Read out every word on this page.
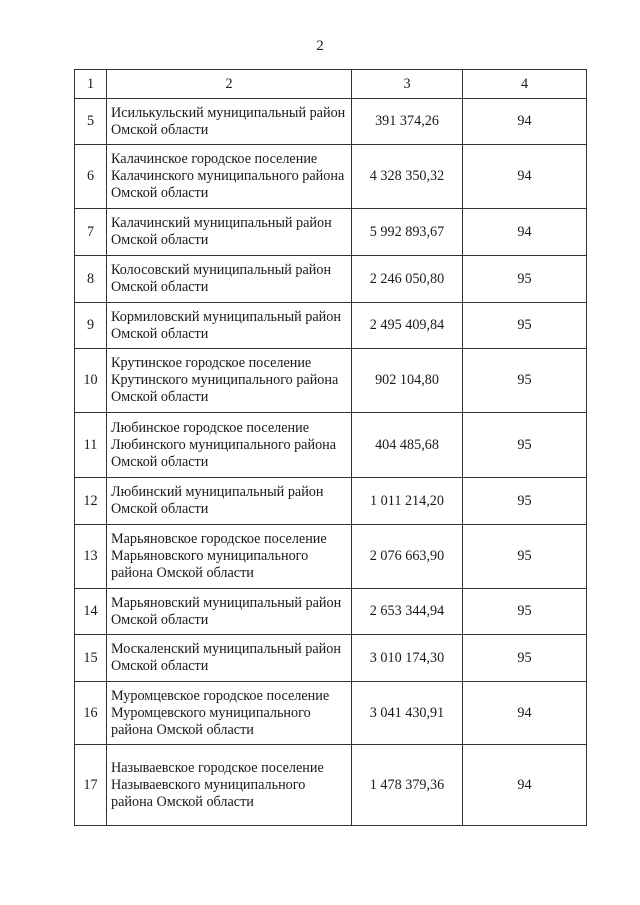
2
1	2	3	4
5	Исилькульский муниципальный район Омской области	391 374,26	94
6	Калачинское городское поселение Калачинского муниципального района Омской области	4 328 350,32	94
7	Калачинский муниципальный район Омской области	5 992 893,67	94
8	Колосовский муниципальный район Омской области	2 246 050,80	95
9	Кормиловский муниципальный район Омской области	2 495 409,84	95
10	Крутинское городское поселение Крутинского муниципального района Омской области	902 104,80	95
11	Любинское городское поселение Любинского муниципального района Омской области	404 485,68	95
12	Любинский муниципальный район Омской области	1 011 214,20	95
13	Марьяновское городское поселение Марьяновского муниципального района Омской области	2 076 663,90	95
14	Марьяновский муниципальный район Омской области	2 653 344,94	95
15	Москаленский муниципальный район Омской области	3 010 174,30	95
16	Муромцевское городское поселение Муромцевского муниципального района Омской области	3 041 430,91	94
17	Называевское городское поселение Называевского муниципального района Омской области	1 478 379,36	94
